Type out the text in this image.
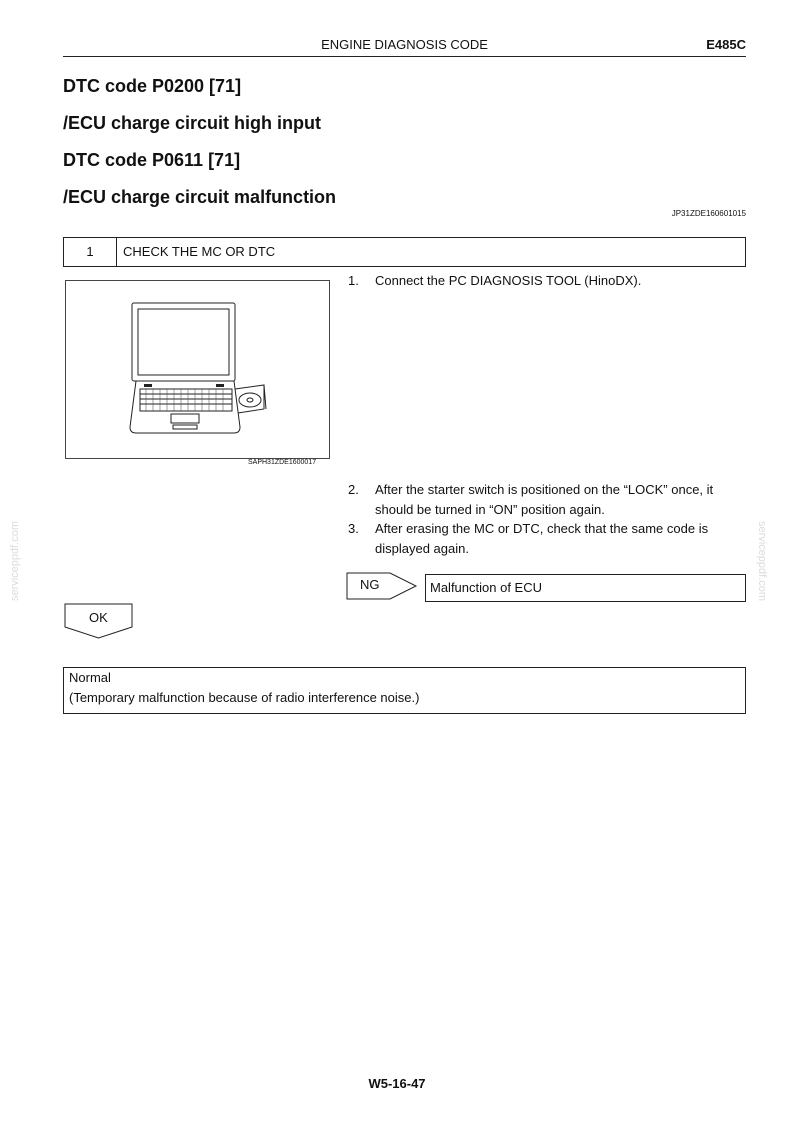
ENGINE DIAGNOSIS CODE	E485C
DTC code P0200 [71]
/ECU charge circuit high input
DTC code P0611 [71]
/ECU charge circuit malfunction
JP31ZDE160601015
1	CHECK THE MC OR DTC
SAPH31ZDE1600017
1. Connect the PC DIAGNOSIS TOOL (HinoDX).
2. After the starter switch is positioned on the “LOCK” once, it should be turned in “ON” position again.
3. After erasing the MC or DTC, check that the same code is displayed again.
NG	Malfunction of ECU
OK
Normal
(Temporary malfunction because of radio interference noise.)
serviceppdf.com	serviceppdf.com
W5-16-47
